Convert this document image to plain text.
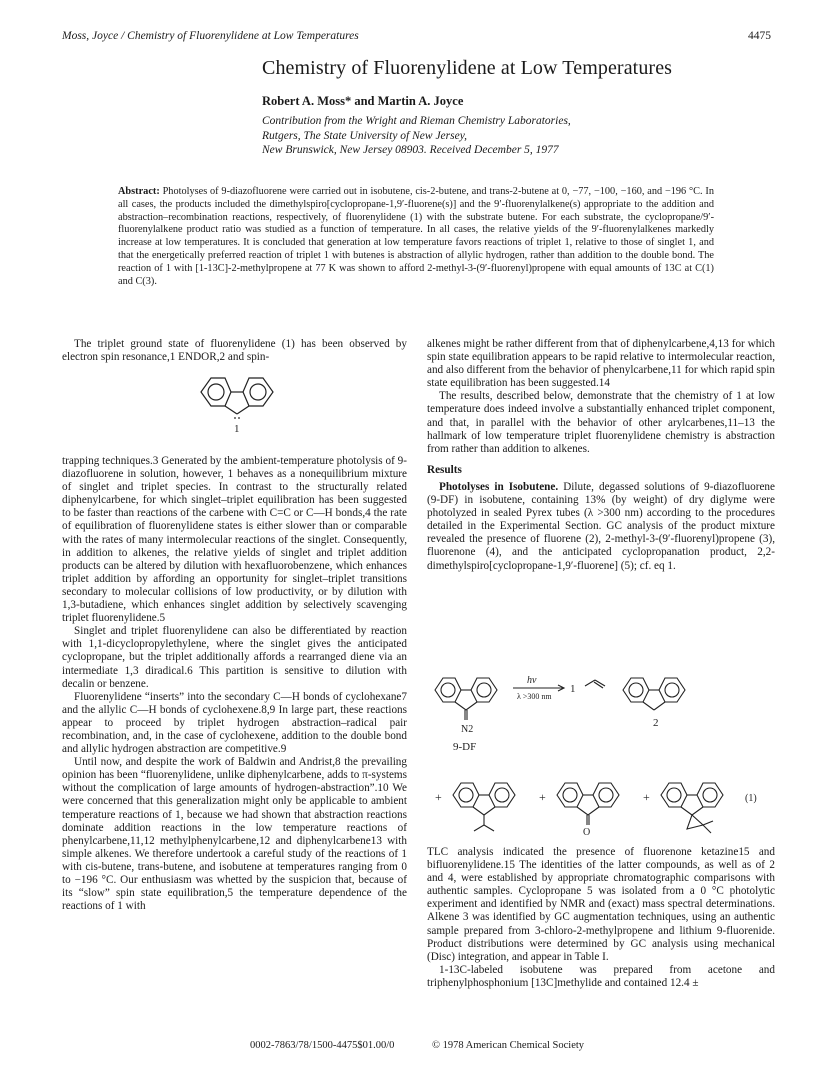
Moss, Joyce / Chemistry of Fluorenylidene at Low Temperatures	4475
Chemistry of Fluorenylidene at Low Temperatures
Robert A. Moss* and Martin A. Joyce
Contribution from the Wright and Rieman Chemistry Laboratories,
Rutgers, The State University of New Jersey,
New Brunswick, New Jersey 08903. Received December 5, 1977
Abstract: Photolyses of 9-diazofluorene were carried out in isobutene, cis-2-butene, and trans-2-butene at 0, −77, −100, −160, and −196 °C. In all cases, the products included the dimethylspiro[cyclopropane-1,9′-fluorene(s)] and the 9′-fluorenylalkene(s) appropriate to the addition and abstraction–recombination reactions, respectively, of fluorenylidene (1) with the substrate butene. For each substrate, the cyclopropane/9′-fluorenylalkene product ratio was studied as a function of temperature. In all cases, the relative yields of the 9′-fluorenylalkenes markedly increase at low temperatures. It is concluded that generation at low temperature favors reactions of triplet 1, relative to those of singlet 1, and that the energetically preferred reaction of triplet 1 with butenes is abstraction of allylic hydrogen, rather than addition to the double bond. The reaction of 1 with [1-13C]-2-methylpropene at 77 K was shown to afford 2-methyl-3-(9′-fluorenyl)propene with equal amounts of 13C at C(1) and C(3).

The triplet ground state of fluorenylidene (1) has been observed by electron spin resonance,1 ENDOR,2 and spin-

1

trapping techniques.3 Generated by the ambient-temperature photolysis of 9-diazofluorene in solution, however, 1 behaves as a nonequilibrium mixture of singlet and triplet species. In contrast to the structurally related diphenylcarbene, for which singlet–triplet equilibration has been suggested to be faster than reactions of the carbene with C=C or C—H bonds,4 the rate of equilibration of fluorenylidene states is either slower than or comparable with the rates of many intermolecular reactions of the singlet. Consequently, in addition to alkenes, the relative yields of singlet and triplet addition products can be altered by dilution with hexafluorobenzene, which enhances triplet addition by affording an opportunity for singlet–triplet transitions secondary to molecular collisions of low productivity, or by dilution with 1,3-butadiene, which enhances singlet addition by selectively scavenging triplet fluorenylidene.5

Singlet and triplet fluorenylidene can also be differentiated by reaction with 1,1-dicyclopropylethylene, where the singlet gives the anticipated cyclopropane, but the triplet additionally affords a rearranged diene via an intermediate 1,3 diradical.6 This partition is sensitive to dilution with decalin or benzene.

Fluorenylidene “inserts” into the secondary C—H bonds of cyclohexane7 and the allylic C—H bonds of cyclohexene.8,9 In large part, these reactions appear to proceed by triplet hydrogen abstraction–radical pair recombination, and, in the case of cyclohexene, addition to the double bond and allylic hydrogen abstraction are competitive.9

Until now, and despite the work of Baldwin and Andrist,8 the prevailing opinion has been “fluorenylidene, unlike diphenylcarbene, adds to π-systems without the complication of large amounts of hydrogen-abstraction”.10 We were concerned that this generalization might only be applicable to ambient temperature reactions of 1, because we had shown that abstraction reactions dominate addition reactions in the low temperature reactions of phenylcarbene,11,12 methylphenylcarbene,12 and diphenylcarbene13 with simple alkenes. We therefore undertook a careful study of the reactions of 1 with cis-butene, trans-butene, and isobutene at temperatures ranging from 0 to −196 °C. Our enthusiasm was whetted by the suspicion that, because of its “slow” spin state equilibration,5 the temperature dependence of the reactions of 1 with

alkenes might be rather different from that of diphenylcarbene,4,13 for which spin state equilibration appears to be rapid relative to intermolecular reaction, and also different from the behavior of phenylcarbene,11 for which rapid spin state equilibration has been suggested.14

The results, described below, demonstrate that the chemistry of 1 at low temperature does indeed involve a substantially enhanced triplet component, and that, in parallel with the behavior of other arylcarbenes,11–13 the hallmark of low temperature triplet fluorenylidene chemistry is abstraction from rather than addition to alkenes.

Results

Photolyses in Isobutene. Dilute, degassed solutions of 9-diazofluorene (9-DF) in isobutene, containing 13% (by weight) of dry diglyme were photolyzed in sealed Pyrex tubes (λ >300 nm) according to the procedures detailed in the Experimental Section. GC analysis of the product mixture revealed the presence of fluorene (2), 2-methyl-3-(9′-fluorenyl)propene (3), fluorenone (4), and the anticipated cyclopropanation product, 2,2-dimethylspiro[cyclopropane-1,9′-fluorene] (5); cf. eq 1.

hν
λ >300 nm
1
N2
9-DF
2
+	+	+
O
(1)

TLC analysis indicated the presence of fluorenone ketazine15 and bifluorenylidene.15 The identities of the latter compounds, as well as of 2 and 4, were established by appropriate chromatographic comparisons with authentic samples. Cyclopropane 5 was isolated from a 0 °C photolytic experiment and identified by NMR and (exact) mass spectral determinations. Alkene 3 was identified by GC augmentation techniques, using an authentic sample prepared from 3-chloro-2-methylpropene and lithium 9-fluorenide. Product distributions were determined by GC analysis using mechanical (Disc) integration, and appear in Table I.

1-13C-labeled isobutene was prepared from acetone and triphenylphosphonium [13C]methylide and contained 12.4 ±

0002-7863/78/1500-4475$01.00/0	© 1978 American Chemical Society
